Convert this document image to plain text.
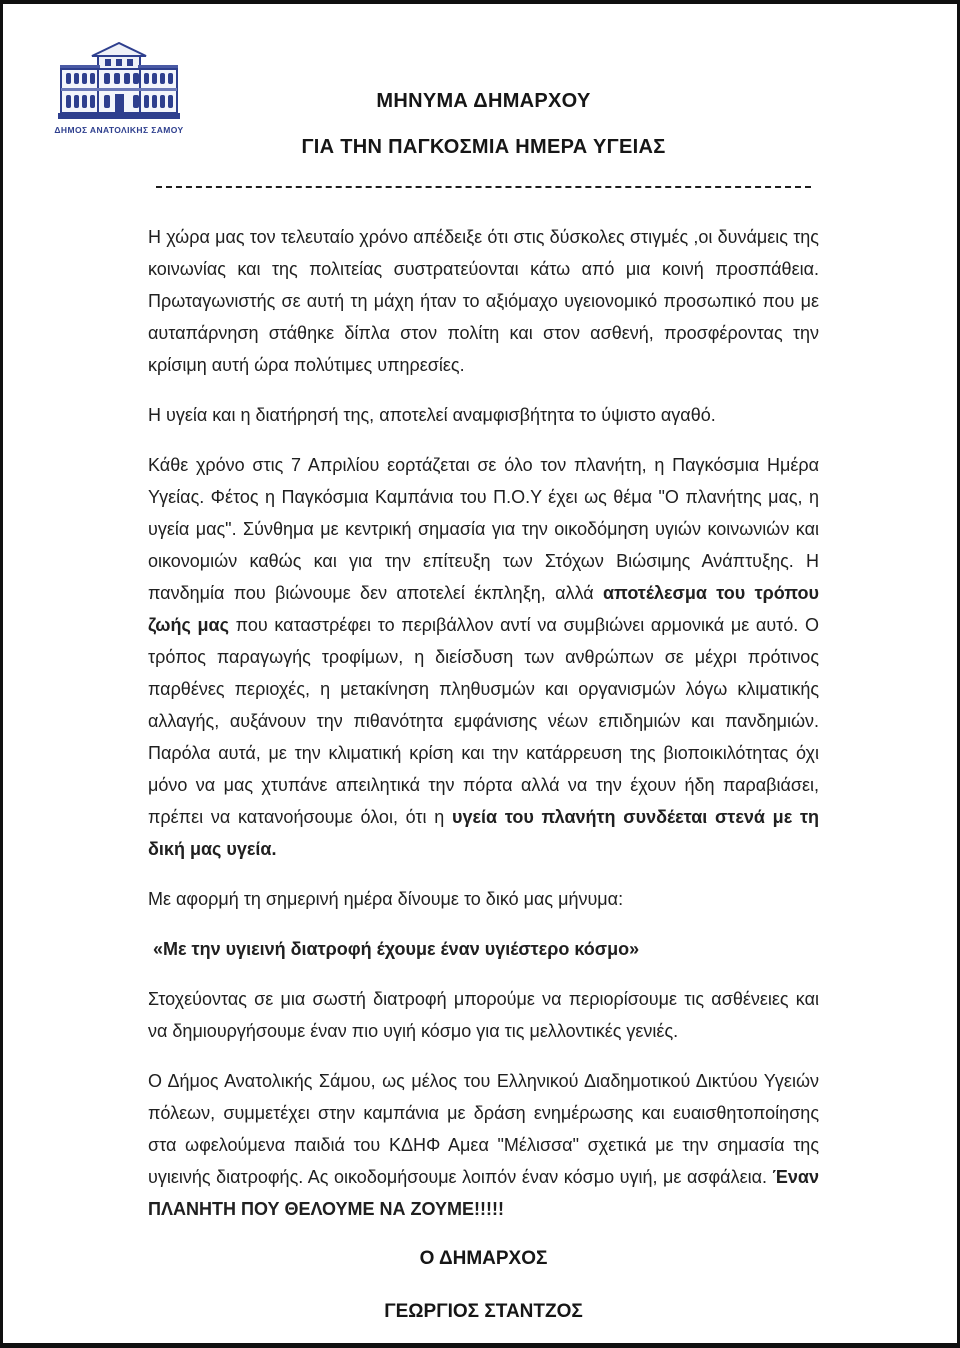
ΔΗΜΟΣ ΑΝΑΤΟΛΙΚΗΣ ΣΑΜΟΥ
ΜΗΝΥΜΑ ΔΗΜΑΡΧΟΥ
ΓΙΑ ΤΗΝ ΠΑΓΚΟΣΜΙΑ ΗΜΕΡΑ ΥΓΕΙΑΣ

Η χώρα μας τον τελευταίο χρόνο απέδειξε ότι στις δύσκολες στιγμές ,οι δυνάμεις της κοινωνίας και της πολιτείας συστρατεύονται κάτω από μια κοινή προσπάθεια. Πρωταγωνιστής σε αυτή τη μάχη ήταν το αξιόμαχο υγειονομικό προσωπικό που με αυταπάρνηση στάθηκε δίπλα στον πολίτη και στον ασθενή, προσφέροντας την κρίσιμη αυτή ώρα πολύτιμες υπηρεσίες.

Η υγεία και η διατήρησή της, αποτελεί αναμφισβήτητα το ύψιστο αγαθό.

Κάθε χρόνο στις 7 Απριλίου εορτάζεται σε όλο τον πλανήτη, η Παγκόσμια Ημέρα Υγείας. Φέτος η Παγκόσμια Καμπάνια του Π.Ο.Υ έχει ως θέμα "Ο πλανήτης μας, η υγεία μας". Σύνθημα με κεντρική σημασία για την οικοδόμηση υγιών κοινωνιών και οικονομιών καθώς και για την επίτευξη των Στόχων Βιώσιμης Ανάπτυξης. Η πανδημία που βιώνουμε δεν αποτελεί έκπληξη, αλλά αποτέλεσμα του τρόπου ζωής μας που καταστρέφει το περιβάλλον αντί να συμβιώνει αρμονικά με αυτό. Ο τρόπος παραγωγής τροφίμων, η διείσδυση των ανθρώπων σε μέχρι πρότινος παρθένες περιοχές, η μετακίνηση πληθυσμών και οργανισμών λόγω κλιματικής αλλαγής, αυξάνουν την πιθανότητα εμφάνισης νέων επιδημιών και πανδημιών. Παρόλα αυτά, με την κλιματική κρίση και την κατάρρευση της βιοποικιλότητας όχι μόνο να μας χτυπάνε απειλητικά την πόρτα αλλά να την έχουν ήδη παραβιάσει, πρέπει να κατανοήσουμε όλοι, ότι η υγεία του πλανήτη συνδέεται στενά με τη δική μας υγεία.

Με αφορμή τη σημερινή ημέρα δίνουμε το δικό μας μήνυμα:

«Με την υγιεινή διατροφή έχουμε έναν υγιέστερο κόσμο»

Στοχεύοντας σε μια σωστή διατροφή μπορούμε να περιορίσουμε τις ασθένειες και να δημιουργήσουμε έναν πιο υγιή κόσμο για τις μελλοντικές γενιές.

Ο Δήμος Ανατολικής Σάμου, ως μέλος του Ελληνικού Διαδημοτικού Δικτύου Υγειών πόλεων, συμμετέχει στην καμπάνια με δράση ενημέρωσης και ευαισθητοποίησης στα ωφελούμενα παιδιά του ΚΔΗΦ Αμεα "Μέλισσα" σχετικά με την σημασία της υγιεινής διατροφής. Ας οικοδομήσουμε λοιπόν έναν κόσμο υγιή, με ασφάλεια. Έναν ΠΛΑΝΗΤΗ ΠΟΥ ΘΕΛΟΥΜΕ ΝΑ ΖΟΥΜΕ!!!!!

Ο ΔΗΜΑΡΧΟΣ

ΓΕΩΡΓΙΟΣ ΣΤΑΝΤΖΟΣ
